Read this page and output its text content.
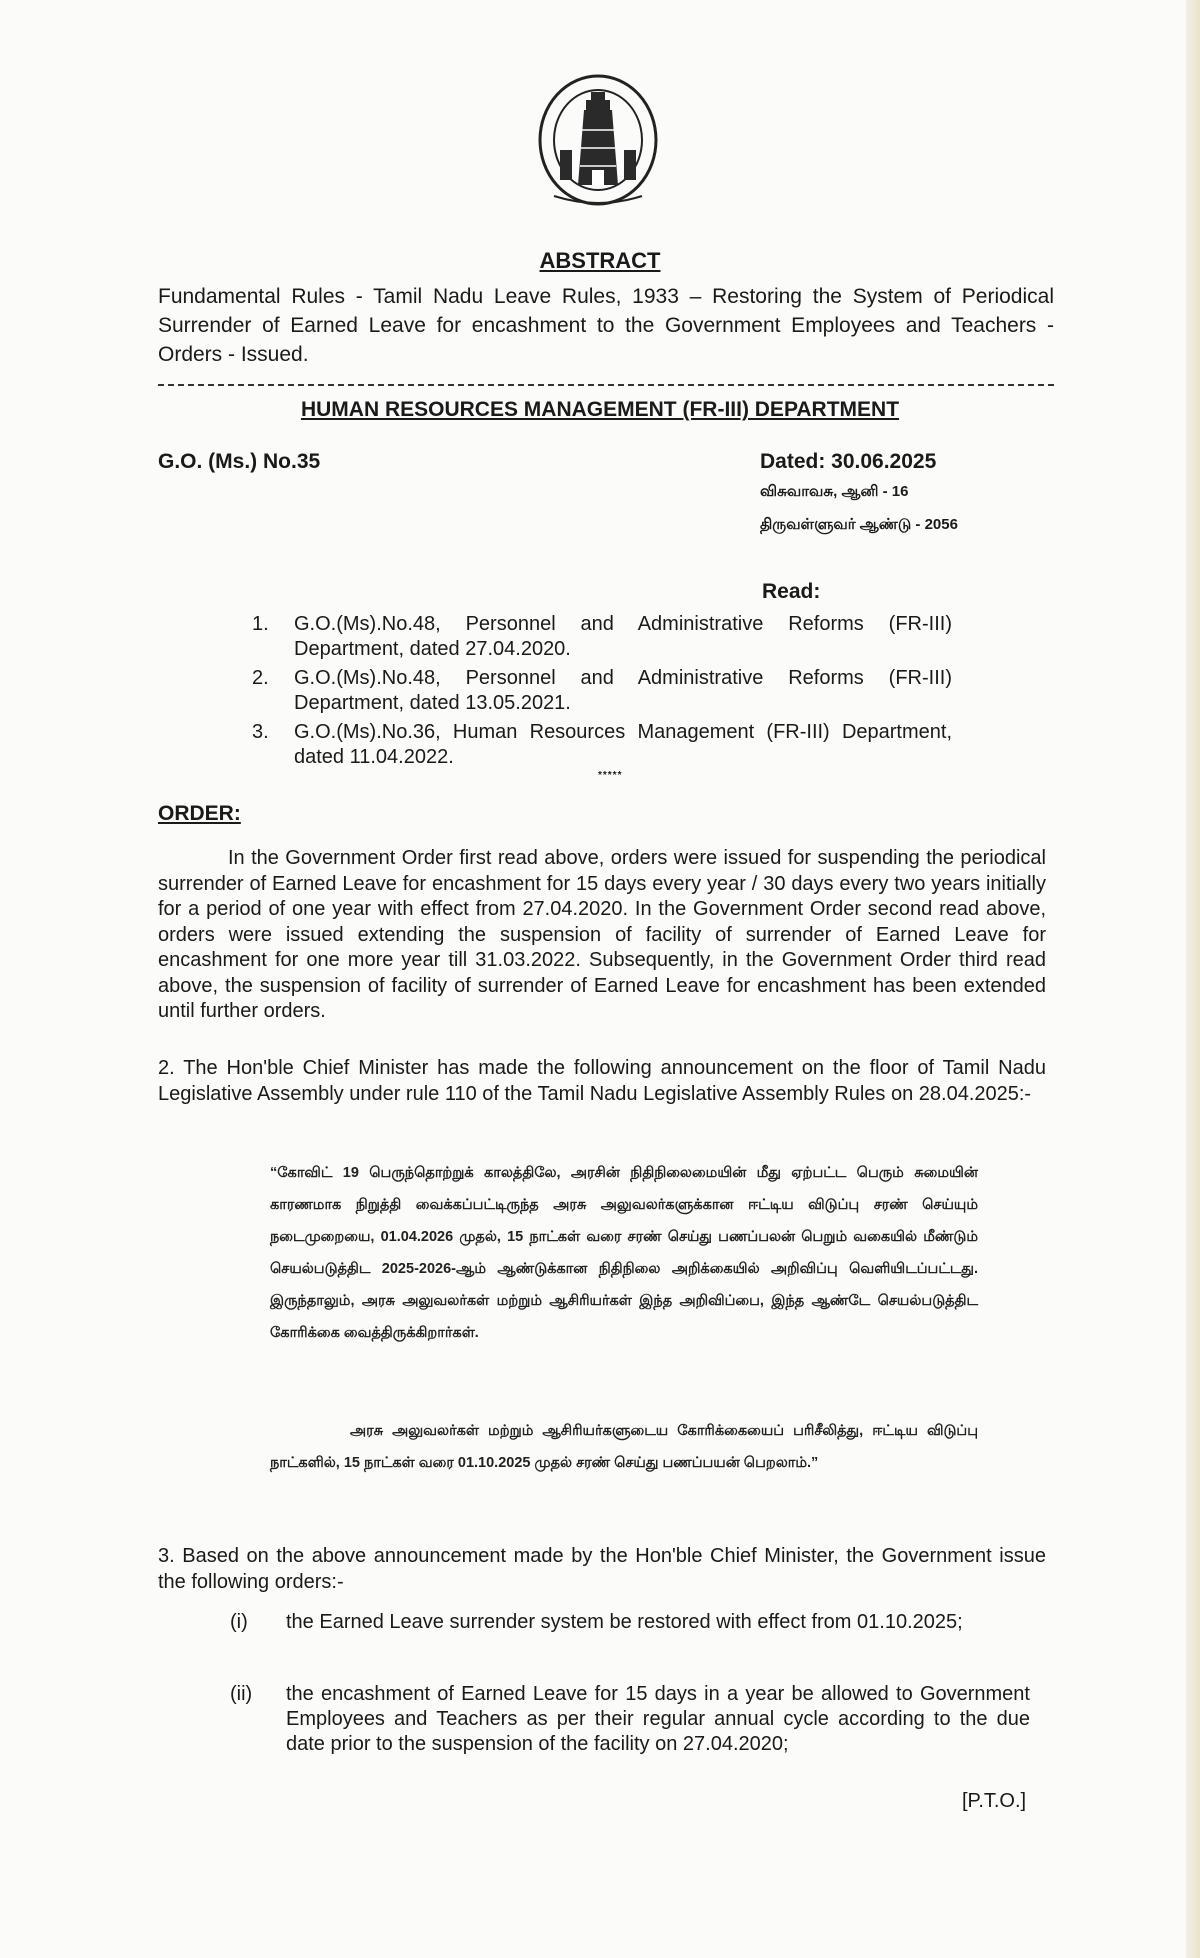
ABSTRACT
Fundamental Rules - Tamil Nadu Leave Rules, 1933 – Restoring the System of Periodical Surrender of Earned Leave for encashment to the Government Employees and Teachers - Orders - Issued.
HUMAN RESOURCES MANAGEMENT (FR-III) DEPARTMENT
G.O. (Ms.) No.35	Dated: 30.06.2025
விசுவாவசு, ஆனி - 16
திருவள்ளுவர் ஆண்டு - 2056
Read:
1. G.O.(Ms).No.48, Personnel and Administrative Reforms (FR-III) Department, dated 27.04.2020.
2. G.O.(Ms).No.48, Personnel and Administrative Reforms (FR-III) Department, dated 13.05.2021.
3. G.O.(Ms).No.36, Human Resources Management (FR-III) Department, dated 11.04.2022.
*****
ORDER:
In the Government Order first read above, orders were issued for suspending the periodical surrender of Earned Leave for encashment for 15 days every year / 30 days every two years initially for a period of one year with effect from 27.04.2020. In the Government Order second read above, orders were issued extending the suspension of facility of surrender of Earned Leave for encashment for one more year till 31.03.2022. Subsequently, in the Government Order third read above, the suspension of facility of surrender of Earned Leave for encashment has been extended until further orders.
2. The Hon'ble Chief Minister has made the following announcement on the floor of Tamil Nadu Legislative Assembly under rule 110 of the Tamil Nadu Legislative Assembly Rules on 28.04.2025:-

“கோவிட் 19 பெருந்தொற்றுக் காலத்திலே, அரசின் நிதிநிலைமையின் மீது ஏற்பட்ட பெரும் சுமையின் காரணமாக நிறுத்தி வைக்கப்பட்டிருந்த அரசு அலுவலர்களுக்கான ஈட்டிய விடுப்பு சரண் செய்யும் நடைமுறையை, 01.04.2026 முதல், 15 நாட்கள் வரை சரண் செய்து பணப்பலன் பெறும் வகையில் மீண்டும் செயல்படுத்திட 2025-2026-ஆம் ஆண்டுக்கான நிதிநிலை அறிக்கையில் அறிவிப்பு வெளியிடப்பட்டது. இருந்தாலும், அரசு அலுவலர்கள் மற்றும் ஆசிரியர்கள் இந்த அறிவிப்பை, இந்த ஆண்டே செயல்படுத்திட கோரிக்கை வைத்திருக்கிறார்கள்.

அரசு அலுவலர்கள் மற்றும் ஆசிரியர்களுடைய கோரிக்கையைப் பரிசீலித்து, ஈட்டிய விடுப்பு நாட்களில், 15 நாட்கள் வரை 01.10.2025 முதல் சரண் செய்து பணப்பயன் பெறலாம்.”

3. Based on the above announcement made by the Hon'ble Chief Minister, the Government issue the following orders:-
(i) the Earned Leave surrender system be restored with effect from 01.10.2025;
(ii) the encashment of Earned Leave for 15 days in a year be allowed to Government Employees and Teachers as per their regular annual cycle according to the due date prior to the suspension of the facility on 27.04.2020;
[P.T.O.]
